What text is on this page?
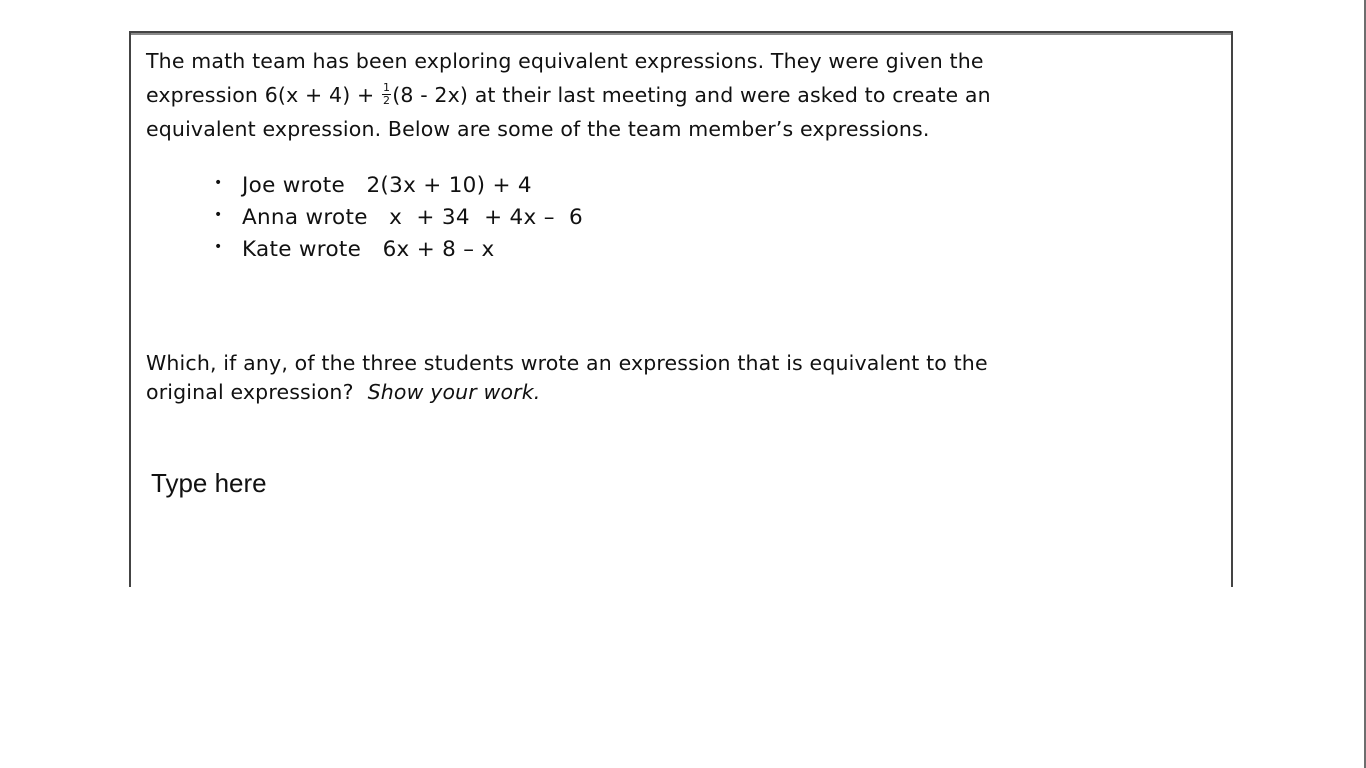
The math team has been exploring equivalent expressions. They were given the
expression $6(x + 4) + \frac{1}{2} (8 - 2x)$ at their last meeting and were asked to create an
equivalent expression. Below are some of the team member’s expressions.

• Joe wrote 2(3x + 10) + 4
• Anna wrote x  + 34  + 4x –  6
• Kate wrote 6x + 8 – x

Which, if any, of the three students wrote an expression that is equivalent to the
original expression? Show your work.

Type here
